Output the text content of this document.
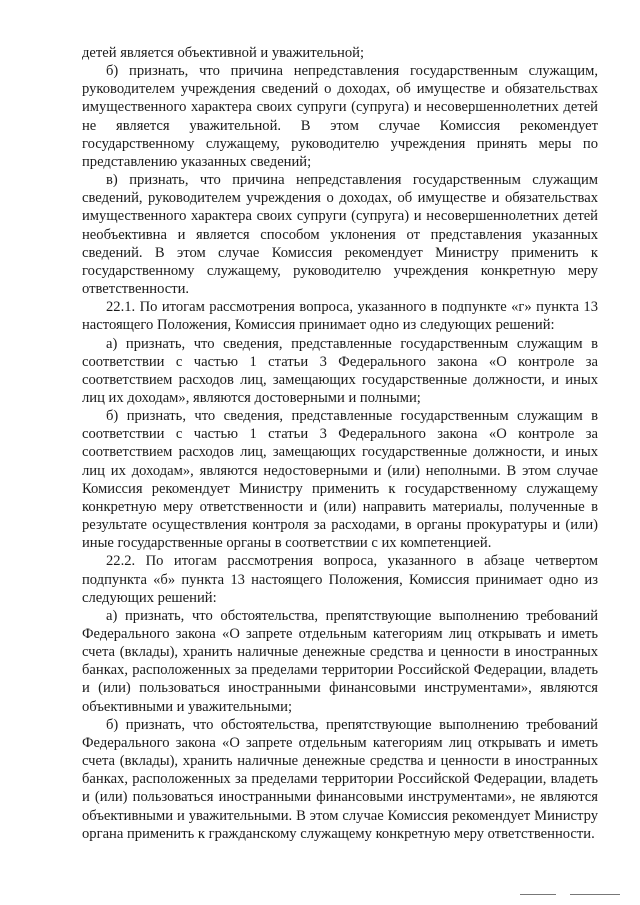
детей является объективной и уважительной;

б) признать, что причина непредставления государственным служащим, руководителем учреждения сведений о доходах, об имуществе и обязательствах имущественного характера своих супруги (супруга) и несовершеннолетних детей не является уважительной. В этом случае Комиссия рекомендует государственному служащему, руководителю учреждения принять меры по представлению указанных сведений;

в) признать, что причина непредставления государственным служащим сведений, руководителем учреждения о доходах, об имуществе и обязательствах имущественного характера своих супруги (супруга) и несовершеннолетних детей необъективна и является способом уклонения от представления указанных сведений. В этом случае Комиссия рекомендует Министру применить к государственному служащему, руководителю учреждения конкретную меру ответственности.

22.1. По итогам рассмотрения вопроса, указанного в подпункте «г» пункта 13 настоящего Положения, Комиссия принимает одно из следующих решений:

а) признать, что сведения, представленные государственным служащим в соответствии с частью 1 статьи 3 Федерального закона «О контроле за соответствием расходов лиц, замещающих государственные должности, и иных лиц их доходам», являются достоверными и полными;

б) признать, что сведения, представленные государственным служащим в соответствии с частью 1 статьи 3 Федерального закона «О контроле за соответствием расходов лиц, замещающих государственные должности, и иных лиц их доходам», являются недостоверными и (или) неполными. В этом случае Комиссия рекомендует Министру применить к государственному служащему конкретную меру ответственности и (или) направить материалы, полученные в результате осуществления контроля за расходами, в органы прокуратуры и (или) иные государственные органы в соответствии с их компетенцией.

22.2. По итогам рассмотрения вопроса, указанного в абзаце четвертом подпункта «б» пункта 13 настоящего Положения, Комиссия принимает одно из следующих решений:

а) признать, что обстоятельства, препятствующие выполнению требований Федерального закона «О запрете отдельным категориям лиц открывать и иметь счета (вклады), хранить наличные денежные средства и ценности в иностранных банках, расположенных за пределами территории Российской Федерации, владеть и (или) пользоваться иностранными финансовыми инструментами», являются объективными и уважительными;

б) признать, что обстоятельства, препятствующие выполнению требований Федерального закона «О запрете отдельным категориям лиц открывать и иметь счета (вклады), хранить наличные денежные средства и ценности в иностранных банках, расположенных за пределами территории Российской Федерации, владеть и (или) пользоваться иностранными финансовыми инструментами», не являются объективными и уважительными. В этом случае Комиссия рекомендует Министру органа применить к гражданскому служащему конкретную меру ответственности.
